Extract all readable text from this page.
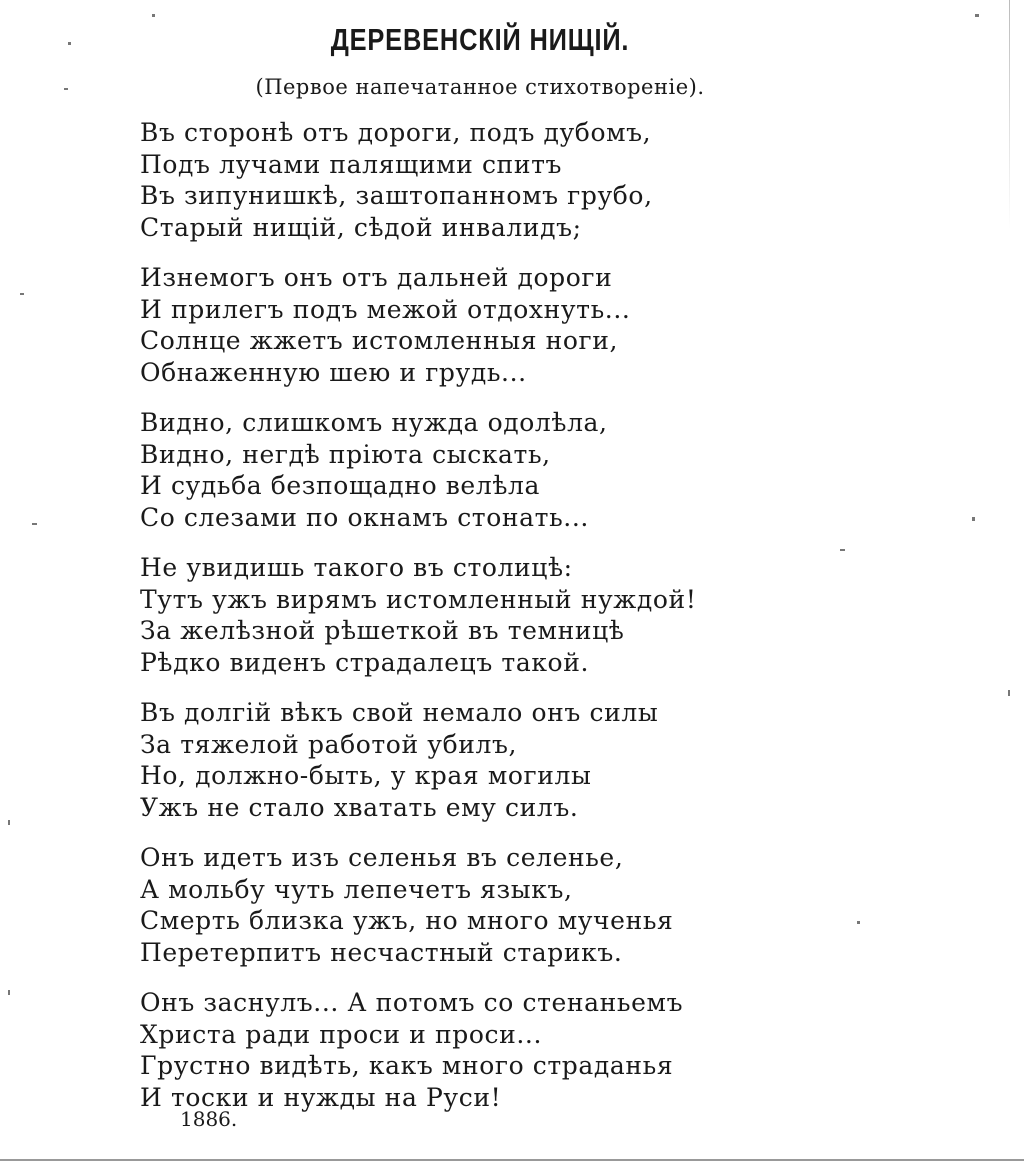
ДЕРЕВЕНСКІЙ НИЩІЙ.
(Первое напечатанное стихотвореніе).
Въ сторонѣ отъ дороги, подъ дубомъ,
Подъ лучами палящими спитъ
Въ зипунишкѣ, заштопанномъ грубо,
Старый нищій, сѣдой инвалидъ;
Изнемогъ онъ отъ дальней дороги
И прилегъ подъ межой отдохнуть...
Солнце жжетъ истомленныя ноги,
Обнаженную шею и грудь...
Видно, слишкомъ нужда одолѣла,
Видно, негдѣ пріюта сыскать,
И судьба безпощадно велѣла
Со слезами по окнамъ стонать...
Не увидишь такого въ столицѣ:
Тутъ ужъ вирямъ истомленный нуждой!
За желѣзной рѣшеткой въ темницѣ
Рѣдко виденъ страдалецъ такой.
Въ долгій вѣкъ свой немало онъ силы
За тяжелой работой убилъ,
Но, должно-быть, у края могилы
Ужъ не стало хватать ему силъ.
Онъ идетъ изъ селенья въ селенье,
А мольбу чуть лепечетъ языкъ,
Смерть близка ужъ, но много мученья
Перетерпитъ несчастный старикъ.
Онъ заснулъ... А потомъ со стенаньемъ
Христа ради проси и проси...
Грустно видѣть, какъ много страданья
И тоски и нужды на Руси!
1886.
